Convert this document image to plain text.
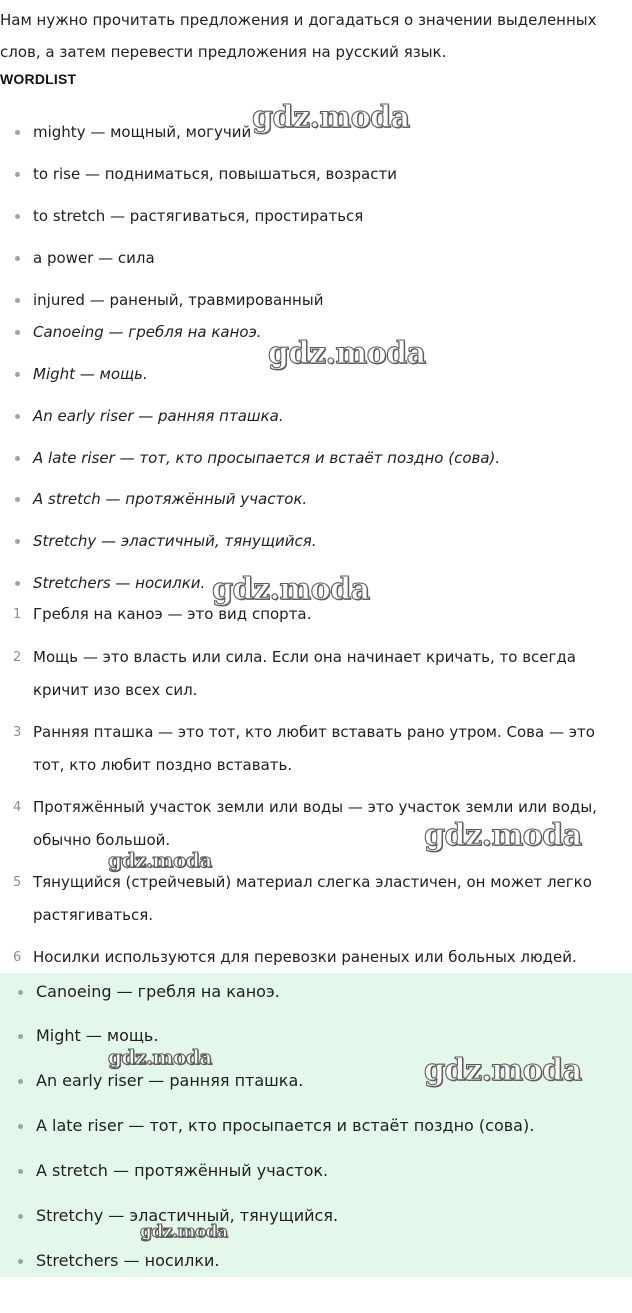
Нам нужно прочитать предложения и догадаться о значении выделенных слов, а затем перевести предложения на русский язык.
WORDLIST
mighty — мощный, могучий
to rise — подниматься, повышаться, возрасти
to stretch — растягиваться, простираться
a power — сила
injured — раненый, травмированный
Canoeing — гребля на каноэ.
Might — мощь.
An early riser — ранняя пташка.
A late riser — тот, кто просыпается и встаёт поздно (сова).
A stretch — протяжённый участок.
Stretchy — эластичный, тянущийся.
Stretchers — носилки.
1 Гребля на каноэ — это вид спорта.
2 Мощь — это власть или сила. Если она начинает кричать, то всегда кричит изо всех сил.
3 Ранняя пташка — это тот, кто любит вставать рано утром. Сова — это тот, кто любит поздно вставать.
4 Протяжённый участок земли или воды — это участок земли или воды, обычно большой.
5 Тянущийся (стрейчевый) материал слегка эластичен, он может легко растягиваться.
6 Носилки используются для перевозки раненых или больных людей.
Canoeing — гребля на каноэ.
Might — мощь.
An early riser — ранняя пташка.
A late riser — тот, кто просыпается и встаёт поздно (сова).
A stretch — протяжённый участок.
Stretchy — эластичный, тянущийся.
Stretchers — носилки.
gdz.moda
gdz.moda
gdz.moda
gdz.moda
gdz.moda
gdz.moda	gdz.moda
gdz.moda
